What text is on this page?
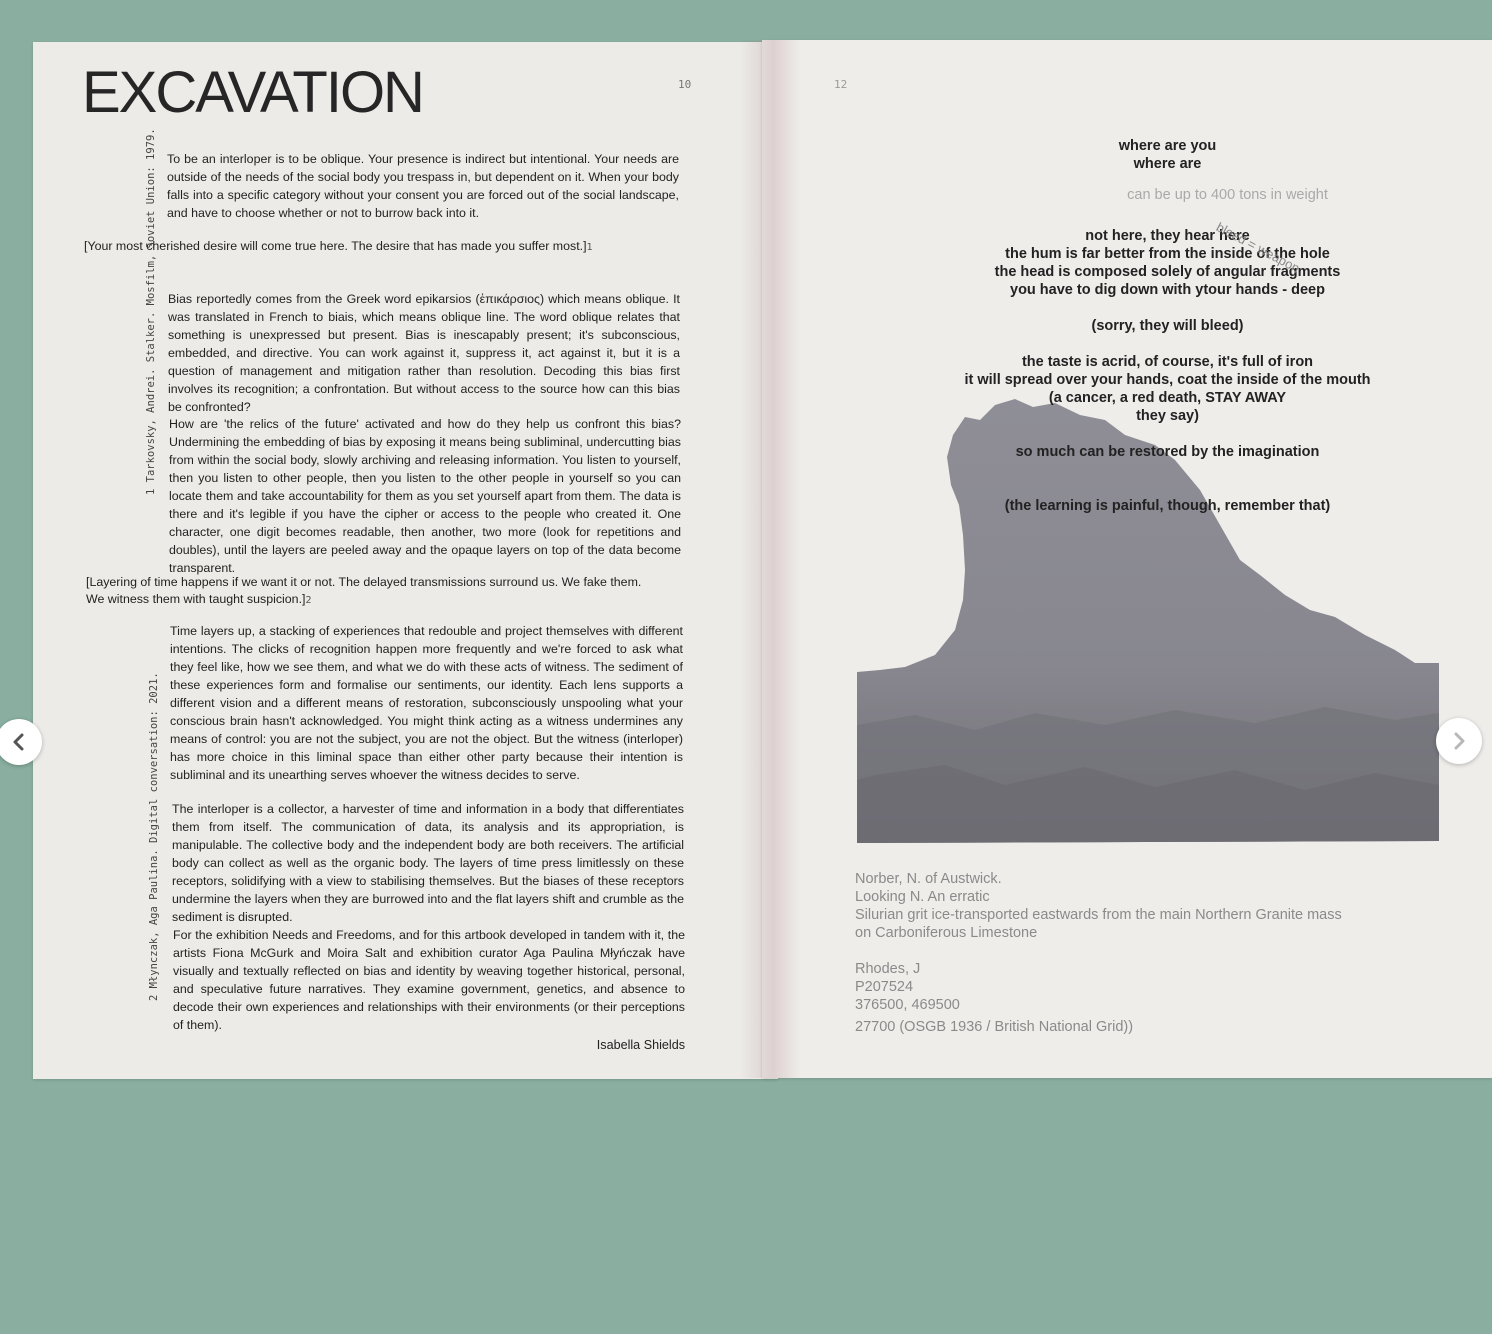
EXCAVATION	10
To be an interloper is to be oblique. Your presence is indirect but intentional. Your needs are outside of the needs of the social body you trespass in, but dependent on it. When your body falls into a specific category without your consent you are forced out of the social landscape, and have to choose whether or not to burrow back into it.
[Your most cherished desire will come true here. The desire that has made you suffer most.]1
1 Tarkovsky, Andrei. Stalker. Mosfilm, Soviet Union: 1979. Bias reportedly comes from the Greek word epikarsios (ἐπικάρσιος) which means oblique. It was translated in French to biais, which means oblique line. The word oblique relates that something is unexpressed but present. Bias is inescapably present; it's subconscious, embedded, and directive. You can work against it, suppress it, act against it, but it is a question of management and mitigation rather than resolution. Decoding this bias first involves its recognition; a confrontation. But without access to the source how can this bias be confronted?
How are 'the relics of the future' activated and how do they help us confront this bias? Undermining the embedding of bias by exposing it means being subliminal, undercutting bias from within the social body, slowly archiving and releasing information. You listen to yourself, then you listen to other people, then you listen to the other people in yourself so you can locate them and take accountability for them as you set yourself apart from them. The data is there and it's legible if you have the cipher or access to the people who created it. One character, one digit becomes readable, then another, two more (look for repetitions and doubles), until the layers are peeled away and the opaque layers on top of the data become transparent.
[Layering of time happens if we want it or not. The delayed transmissions surround us. We fake them.
We witness them with taught suspicion.]2
2 Młynczak, Aga Paulina. Digital conversation: 2021.
Time layers up, a stacking of experiences that redouble and project themselves with different intentions. The clicks of recognition happen more frequently and we're forced to ask what they feel like, how we see them, and what we do with these acts of witness. The sediment of these experiences form and formalise our sentiments, our identity. Each lens supports a different vision and a different means of restoration, subconsciously unspooling what your conscious brain hasn't acknowledged. You might think acting as a witness undermines any means of control: you are not the subject, you are not the object. But the witness (interloper) has more choice in this liminal space than either other party because their intention is subliminal and its unearthing serves whoever the witness decides to serve.
The interloper is a collector, a harvester of time and information in a body that differentiates them from itself. The communication of data, its analysis and its appropriation, is manipulable. The collective body and the independent body are both receivers. The artificial body can collect as well as the organic body. The layers of time press limitlessly on these receptors, solidifying with a view to stabilising themselves. But the biases of these receptors undermine the layers when they are burrowed into and the flat layers shift and crumble as the sediment is disrupted.
For the exhibition Needs and Freedoms, and for this artbook developed in tandem with it, the artists Fiona McGurk and Moira Salt and exhibition curator Aga Paulina Młyńczak have visually and textually reflected on bias and identity by weaving together historical, personal, and speculative future narratives. They examine government, genetics, and absence to decode their own experiences and relationships with their environments (or their perceptions of them).
Isabella Shields
12
where are you
where are
can be up to 400 tons in weight
not here, they hear here
the hum is far better from the inside of the hole
the head is composed solely of angular fragments
you have to dig down with ytour hands - deep
(sorry, they will bleed)
the taste is acrid, of course, it's full of iron
it will spread over your hands, coat the inside of the mouth
(a cancer, a red death, STAY AWAY
they say)
so much can be restored by the imagination
(the learning is painful, though, remember that)
bleed = weapon
Norber, N. of Austwick.
Looking N. An erratic
Silurian grit ice-transported eastwards from the main Northern Granite mass
on Carboniferous Limestone
Rhodes, J
P207524
376500, 469500
27700 (OSGB 1936 / British National Grid))
